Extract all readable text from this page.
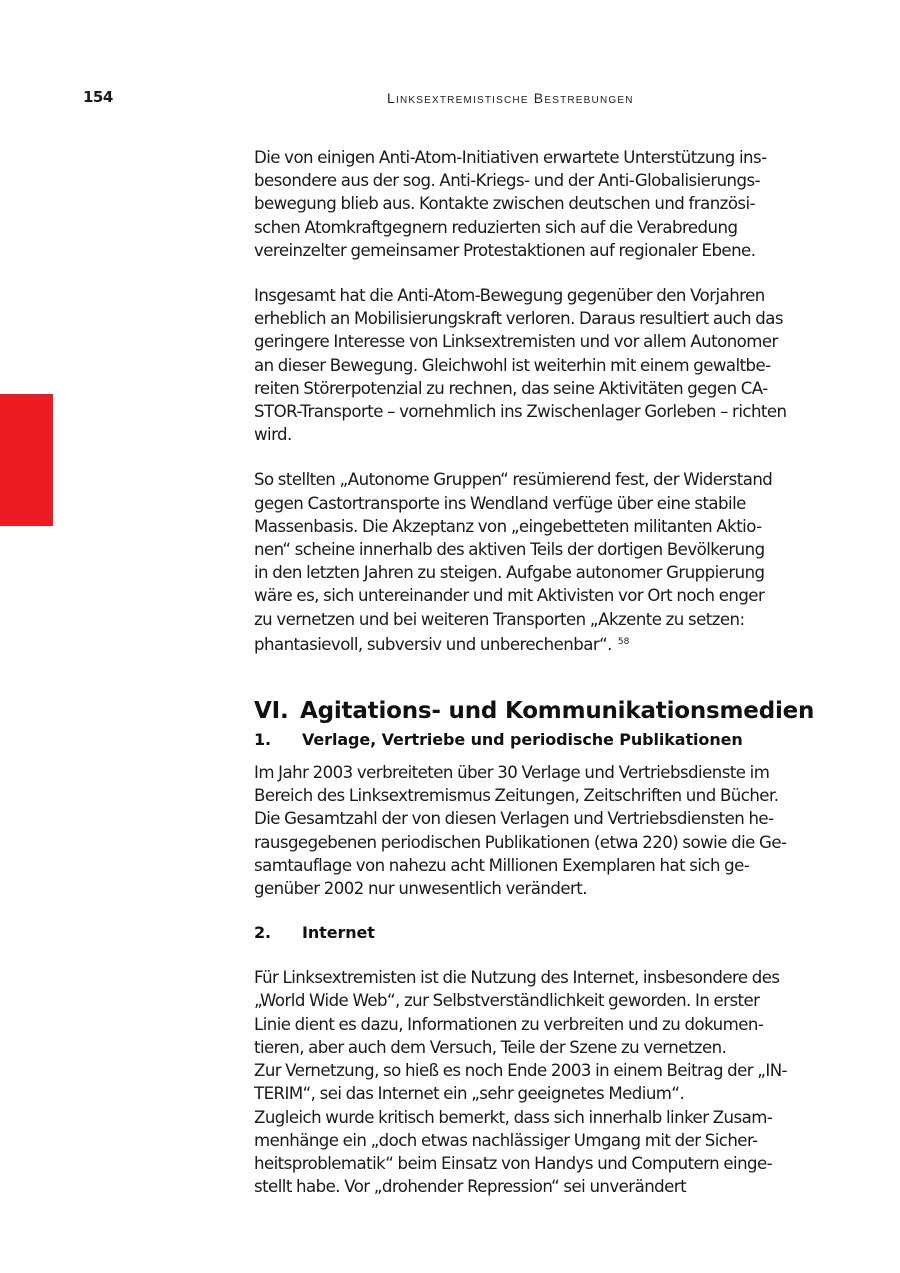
154	Linksextremistische Bestrebungen
Die von einigen Anti-Atom-Initiativen erwartete Unterstützung ins-
besondere aus der sog. Anti-Kriegs- und der Anti-Globalisierungs-
bewegung blieb aus. Kontakte zwischen deutschen und französi-
schen Atomkraftgegnern reduzierten sich auf die Verabredung
vereinzelter gemeinsamer Protestaktionen auf regionaler Ebene.
Insgesamt hat die Anti-Atom-Bewegung gegenüber den Vorjahren
erheblich an Mobilisierungskraft verloren. Daraus resultiert auch das
geringere Interesse von Linksextremisten und vor allem Autonomer
an dieser Bewegung. Gleichwohl ist weiterhin mit einem gewaltbe-
reiten Störerpotenzial zu rechnen, das seine Aktivitäten gegen CA-
STOR-Transporte – vornehmlich ins Zwischenlager Gorleben – richten
wird.
So stellten „Autonome Gruppen“ resümierend fest, der Widerstand
gegen Castortransporte ins Wendland verfüge über eine stabile
Massenbasis. Die Akzeptanz von „eingebetteten militanten Aktio-
nen“ scheine innerhalb des aktiven Teils der dortigen Bevölkerung
in den letzten Jahren zu steigen. Aufgabe autonomer Gruppierung
wäre es, sich untereinander und mit Aktivisten vor Ort noch enger
zu vernetzen und bei weiteren Transporten „Akzente zu setzen:
phantasievoll, subversiv und unberechenbar“. $^{58}$
VI. Agitations- und Kommunikationsmedien
1. Verlage, Vertriebe und periodische Publikationen
Im Jahr 2003 verbreiteten über 30 Verlage und Vertriebsdienste im
Bereich des Linksextremismus Zeitungen, Zeitschriften und Bücher.
Die Gesamtzahl der von diesen Verlagen und Vertriebsdiensten he-
rausgegebenen periodischen Publikationen (etwa 220) sowie die Ge-
samtauflage von nahezu acht Millionen Exemplaren hat sich ge-
genüber 2002 nur unwesentlich verändert.
2. Internet
Für Linksextremisten ist die Nutzung des Internet, insbesondere des
„World Wide Web“, zur Selbstverständlichkeit geworden. In erster
Linie dient es dazu, Informationen zu verbreiten und zu dokumen-
tieren, aber auch dem Versuch, Teile der Szene zu vernetzen.
Zur Vernetzung, so hieß es noch Ende 2003 in einem Beitrag der „IN-
TERIM“, sei das Internet ein „sehr geeignetes Medium“.
Zugleich wurde kritisch bemerkt, dass sich innerhalb linker Zusam-
menhänge ein „doch etwas nachlässiger Umgang mit der Sicher-
heitsproblematik“ beim Einsatz von Handys und Computern einge-
stellt habe. Vor „drohender Repression“ sei unverändert
